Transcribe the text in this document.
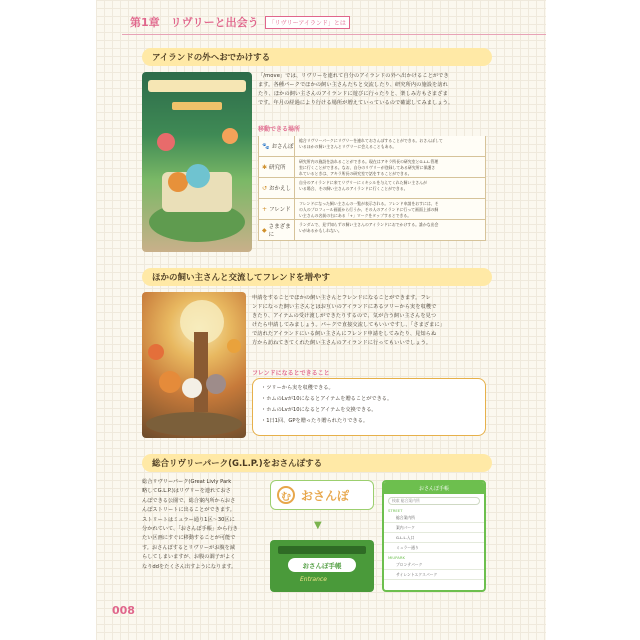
第1章　リヴリーと出会う	「リヴリーアイランド」とは
アイランドの外へおでかけする
「/move」では、リヴリーを連れて自分のアイランドの外へ出かけることができ
ます。各種パークでほかの飼い主さんたちと交流したり、研究所内の施設を訪れ
たり、ほかの飼い主さんのアイランドに遊びに行ったりと、楽しみ方もさまざま
です。年月の経過により行ける場所が増えていっているので確認してみましょう。
移動できる場所
🐾 おさんぽ
総合リヴリーパークにリヴリーを連れておさんぽすることができる。おさんぽして
いるほかの飼い主さんとリヴリーに会えることもある。
✱ 研究所
研究所内の施設を訪れることができる。現在はアキラ所長の研究室とG.L.L.管理
室に行くことができる。なお、自分のリヴリーが登録してある研究所に保護さ
れているときは、アキラ所長の研究室で話をすることができる。
↺ おかえし
自分のアイランドに来てリヴリーにミキシルを与えてくれた飼い主さんが
いる場合、その飼い主さんのアイランドに行くことができる。
+ フレンド
フレンドになった飼い主さんの一覧が表示される。フレンド申請をおすには、そ
の人のプロフィール画面から行うか、その人のアイランドに行って画面上部の飼
い主さんの名前の右にある「+」マークをタップするとできる。
◆ さまざまに
ランダムで、見ず知らずの飼い主さんのアイランドにおでかけする。誰かな出会
いがあるかもしれない。
ほかの飼い主さんと交流してフレンドを増やす
申請をすることでほかの飼い主さんとフレンドになることができます。フレ
ンドになった飼い主さんとはお互いのアイランドにあるツリーから実を収穫で
きたり、アイテムの受け渡しができたりするので、気が合う飼い主さんを見つ
けたら申請してみましょう。パークで直接交流してもいいですし、「さまざまに」
で訪れたアイランドにいる飼い主さんにフレンド申請をしてみたり、見知らぬ
方から訪ねてきてくれた飼い主さんのアイランドに行ってもいいでしょう。
フレンドになるとできること
・ツリーから実を収穫できる。
・ホムのLvが10になるとアイテムを贈ることができる。
・ホムのLvが10になるとアイテムを交換できる。
・1日1回、GPを贈ったり贈られたりできる。
総合リヴリーパーク(G.L.P.)をおさんぽする
総合リヴリーパーク(Great Livly Park
略してG.L.P.)はリヴリーを連れておさ
んぽできる公園で、総合案内所からおさ
んぽストリートに出ることができます。
ストリートはミュラー通り1区〜30区に
分かれていて、「おさんぽ手帳」から行き
たい区画にすぐに移動することが可能で
す。おさんぽするとリヴリーがお腹を減
らしてしまいますが、お腹の調子がよく
なりddをたくさん出すようになります。
む おさんぽ
▼
おさんぽ手帳
Entrance
おさんぽ手帳
検索 総合案内所
STREET
総合案内所
案内パーク
G.L.L.入口
ミュラー通り
MIUPARK
ブロンテパーク
サイレントエクスパーク
008
